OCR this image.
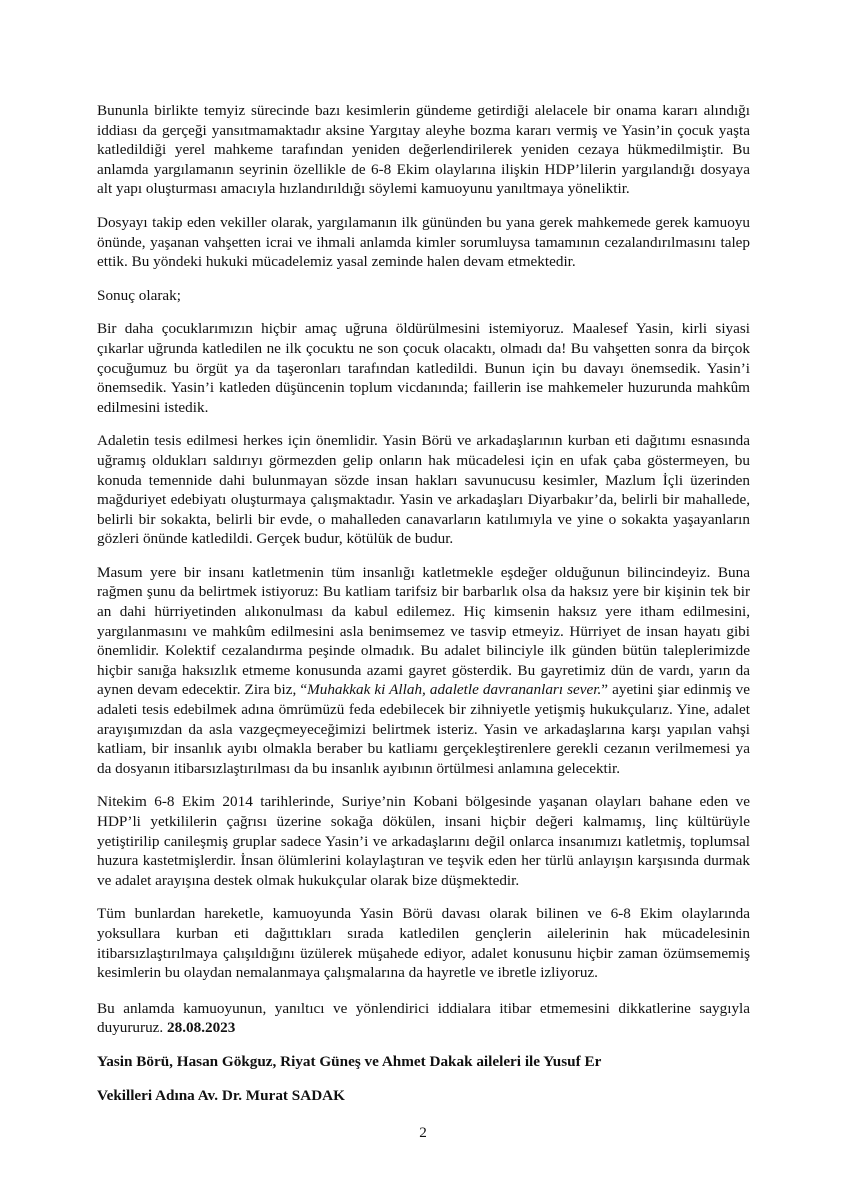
Bununla birlikte temyiz sürecinde bazı kesimlerin gündeme getirdiği alelacele bir onama kararı alındığı iddiası da gerçeği yansıtmamaktadır aksine Yargıtay aleyhe bozma kararı vermiş ve Yasin’in çocuk yaşta katledildiği yerel mahkeme tarafından yeniden değerlendirilerek yeniden cezaya hükmedilmiştir. Bu anlamda yargılamanın seyrinin özellikle de 6-8 Ekim olaylarına ilişkin HDP’lilerin yargılandığı dosyaya alt yapı oluşturması amacıyla hızlandırıldığı söylemi kamuoyunu yanıltmaya yöneliktir.

Dosyayı takip eden vekiller olarak, yargılamanın ilk gününden bu yana gerek mahkemede gerek kamuoyu önünde, yaşanan vahşetten icrai ve ihmali anlamda kimler sorumluysa tamamının cezalandırılmasını talep ettik. Bu yöndeki hukuki mücadelemiz yasal zeminde halen devam etmektedir.

Sonuç olarak;

Bir daha çocuklarımızın hiçbir amaç uğruna öldürülmesini istemiyoruz. Maalesef Yasin, kirli siyasi çıkarlar uğrunda katledilen ne ilk çocuktu ne son çocuk olacaktı, olmadı da! Bu vahşetten sonra da birçok çocuğumuz bu örgüt ya da taşeronları tarafından katledildi. Bunun için bu davayı önemsedik. Yasin’i önemsedik. Yasin’i katleden düşüncenin toplum vicdanında; faillerin ise mahkemeler huzurunda mahkûm edilmesini istedik.

Adaletin tesis edilmesi herkes için önemlidir. Yasin Börü ve arkadaşlarının kurban eti dağıtımı esnasında uğramış oldukları saldırıyı görmezden gelip onların hak mücadelesi için en ufak çaba göstermeyen, bu konuda temennide dahi bulunmayan sözde insan hakları savunucusu kesimler, Mazlum İçli üzerinden mağduriyet edebiyatı oluşturmaya çalışmaktadır. Yasin ve arkadaşları Diyarbakır’da, belirli bir mahallede, belirli bir sokakta, belirli bir evde, o mahalleden canavarların katılımıyla ve yine o sokakta yaşayanların gözleri önünde katledildi. Gerçek budur, kötülük de budur.

Masum yere bir insanı katletmenin tüm insanlığı katletmekle eşdeğer olduğunun bilincindeyiz. Buna rağmen şunu da belirtmek istiyoruz: Bu katliam tarifsiz bir barbarlık olsa da haksız yere bir kişinin tek bir an dahi hürriyetinden alıkonulması da kabul edilemez. Hiç kimsenin haksız yere itham edilmesini, yargılanmasını ve mahkûm edilmesini asla benimsemez ve tasvip etmeyiz. Hürriyet de insan hayatı gibi önemlidir. Kolektif cezalandırma peşinde olmadık. Bu adalet bilinciyle ilk günden bütün taleplerimizde hiçbir sanığa haksızlık etmeme konusunda azami gayret gösterdik. Bu gayretimiz dün de vardı, yarın da aynen devam edecektir. Zira biz, “Muhakkak ki Allah, adaletle davrananları sever.” ayetini şiar edinmiş ve adaleti tesis edebilmek adına ömrümüzü feda edebilecek bir zihniyetle yetişmiş hukukçularız. Yine, adalet arayışımızdan da asla vazgeçmeyeceğimizi belirtmek isteriz. Yasin ve arkadaşlarına karşı yapılan vahşi katliam, bir insanlık ayıbı olmakla beraber bu katliamı gerçekleştirenlere gerekli cezanın verilmemesi ya da dosyanın itibarsızlaştırılması da bu insanlık ayıbının örtülmesi anlamına gelecektir.

Nitekim 6-8 Ekim 2014 tarihlerinde, Suriye’nin Kobani bölgesinde yaşanan olayları bahane eden ve HDP’li yetkililerin çağrısı üzerine sokağa dökülen, insani hiçbir değeri kalmamış, linç kültürüyle yetiştirilip canileşmiş gruplar sadece Yasin’i ve arkadaşlarını değil onlarca insanımızı katletmiş, toplumsal huzura kastetmişlerdir. İnsan ölümlerini kolaylaştıran ve teşvik eden her türlü anlayışın karşısında durmak ve adalet arayışına destek olmak hukukçular olarak bize düşmektedir.

Tüm bunlardan hareketle, kamuoyunda Yasin Börü davası olarak bilinen ve 6-8 Ekim olaylarında yoksullara kurban eti dağıttıkları sırada katledilen gençlerin ailelerinin hak mücadelesinin itibarsızlaştırılmaya çalışıldığını üzülerek müşahede ediyor, adalet konusunu hiçbir zaman özümsememiş kesimlerin bu olaydan nemalanmaya çalışmalarına da hayretle ve ibretle izliyoruz.

Bu anlamda kamuoyunun, yanıltıcı ve yönlendirici iddialara itibar etmemesini dikkatlerine saygıyla duyururuz. 28.08.2023

Yasin Börü, Hasan Gökguz, Riyat Güneş ve Ahmet Dakak aileleri ile Yusuf Er

Vekilleri Adına Av. Dr. Murat SADAK

2
